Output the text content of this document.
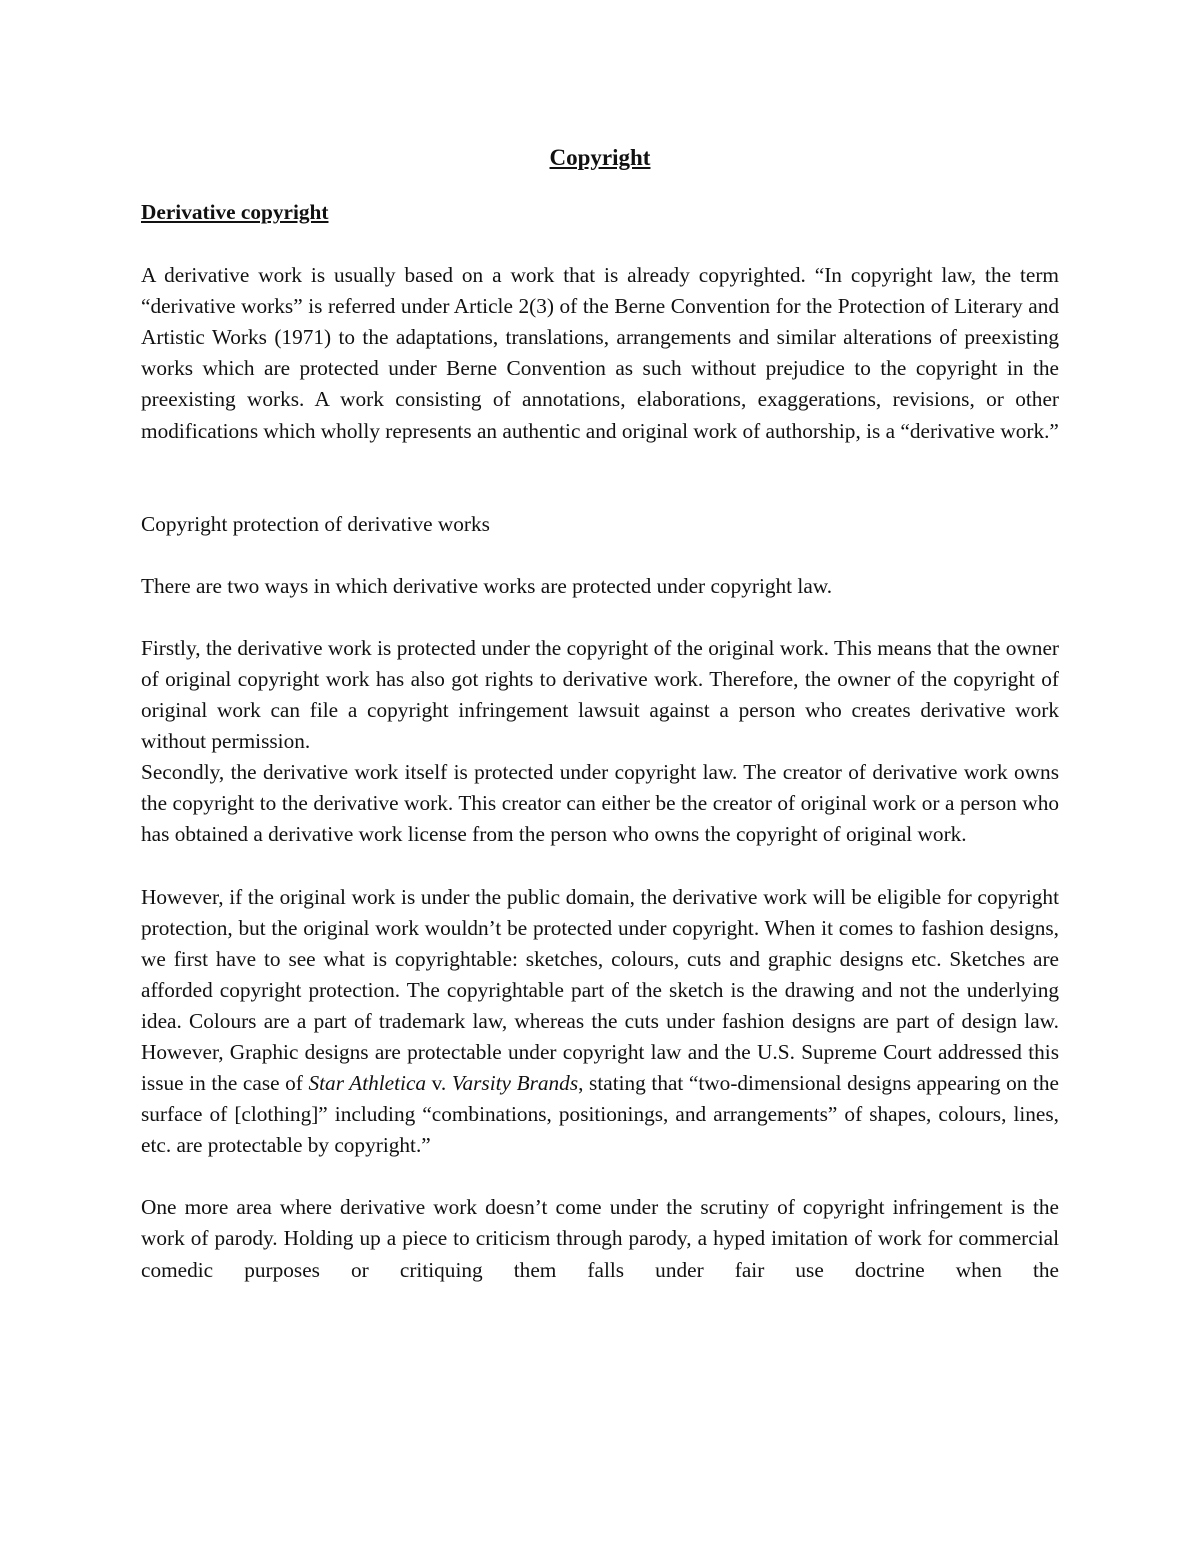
Copyright
Derivative copyright

A derivative work is usually based on a work that is already copyrighted. “In copyright law, the term “derivative works” is referred under Article 2(3) of the Berne Convention for the Protection of Literary and Artistic Works (1971) to the adaptations, translations, arrangements and similar alterations of preexisting works which are protected under Berne Convention as such without prejudice to the copyright in the preexisting works. A work consisting of annotations, elaborations, exaggerations, revisions, or other modifications which wholly represents an authentic and original work of authorship, is a “derivative work.”

Copyright protection of derivative works

There are two ways in which derivative works are protected under copyright law.

Firstly, the derivative work is protected under the copyright of the original work. This means that the owner of original copyright work has also got rights to derivative work. Therefore, the owner of the copyright of original work can file a copyright infringement lawsuit against a person who creates derivative work without permission.

Secondly, the derivative work itself is protected under copyright law. The creator of derivative work owns the copyright to the derivative work. This creator can either be the creator of original work or a person who has obtained a derivative work license from the person who owns the copyright of original work.

However, if the original work is under the public domain, the derivative work will be eligible for copyright protection, but the original work wouldn’t be protected under copyright. When it comes to fashion designs, we first have to see what is copyrightable: sketches, colours, cuts and graphic designs etc. Sketches are afforded copyright protection. The copyrightable part of the sketch is the drawing and not the underlying idea. Colours are a part of trademark law, whereas the cuts under fashion designs are part of design law. However, Graphic designs are protectable under copyright law and the U.S. Supreme Court addressed this issue in the case of Star Athletica v. Varsity Brands, stating that “two-dimensional designs appearing on the surface of [clothing]” including “combinations, positionings, and arrangements” of shapes, colours, lines, etc. are protectable by copyright.”

One more area where derivative work doesn’t come under the scrutiny of copyright infringement is the work of parody. Holding up a piece to criticism through parody, a hyped imitation of work for commercial comedic purposes or critiquing them falls under fair use doctrine when the
